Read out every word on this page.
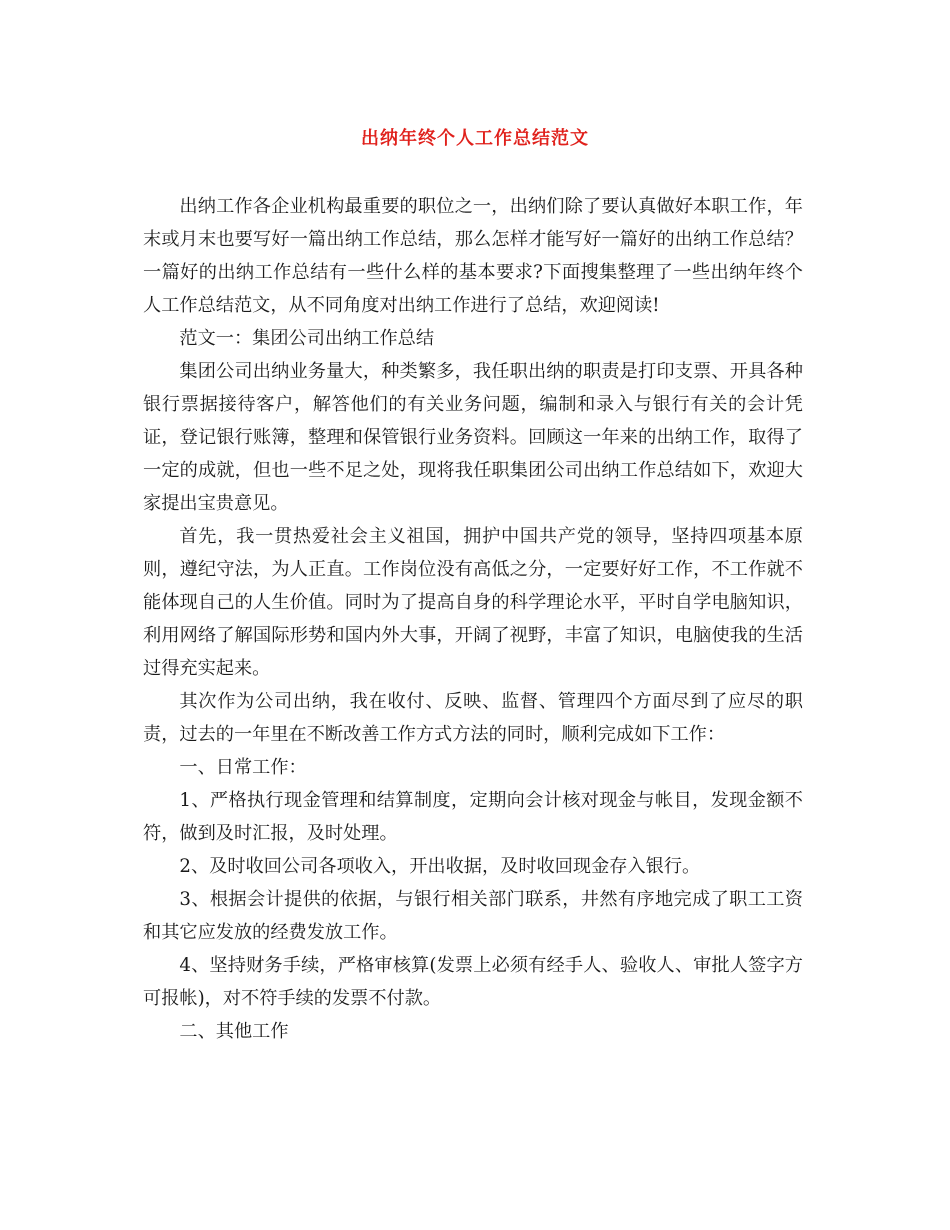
出纳年终个人工作总结范文

出纳工作各企业机构最重要的职位之一，出纳们除了要认真做好本职工作，年末或月末也要写好一篇出纳工作总结，那么怎样才能写好一篇好的出纳工作总结？一篇好的出纳工作总结有一些什么样的基本要求?下面搜集整理了一些出纳年终个人工作总结范文，从不同角度对出纳工作进行了总结，欢迎阅读!

范文一：集团公司出纳工作总结

集团公司出纳业务量大，种类繁多，我任职出纳的职责是打印支票、开具各种银行票据接待客户，解答他们的有关业务问题，编制和录入与银行有关的会计凭证，登记银行账簿，整理和保管银行业务资料。回顾这一年来的出纳工作，取得了一定的成就，但也一些不足之处，现将我任职集团公司出纳工作总结如下，欢迎大家提出宝贵意见。

首先，我一贯热爱社会主义祖国，拥护中国共产党的领导，坚持四项基本原则，遵纪守法，为人正直。工作岗位没有高低之分，一定要好好工作，不工作就不能体现自己的人生价值。同时为了提高自身的科学理论水平，平时自学电脑知识，利用网络了解国际形势和国内外大事，开阔了视野，丰富了知识，电脑使我的生活过得充实起来。

其次作为公司出纳，我在收付、反映、监督、管理四个方面尽到了应尽的职责，过去的一年里在不断改善工作方式方法的同时，顺利完成如下工作：

一、日常工作：

1、严格执行现金管理和结算制度，定期向会计核对现金与帐目，发现金额不符，做到及时汇报，及时处理。

2、及时收回公司各项收入，开出收据，及时收回现金存入银行。

3、根据会计提供的依据，与银行相关部门联系，井然有序地完成了职工工资和其它应发放的经费发放工作。

4、坚持财务手续，严格审核算(发票上必须有经手人、验收人、审批人签字方可报帐)，对不符手续的发票不付款。

二、其他工作
